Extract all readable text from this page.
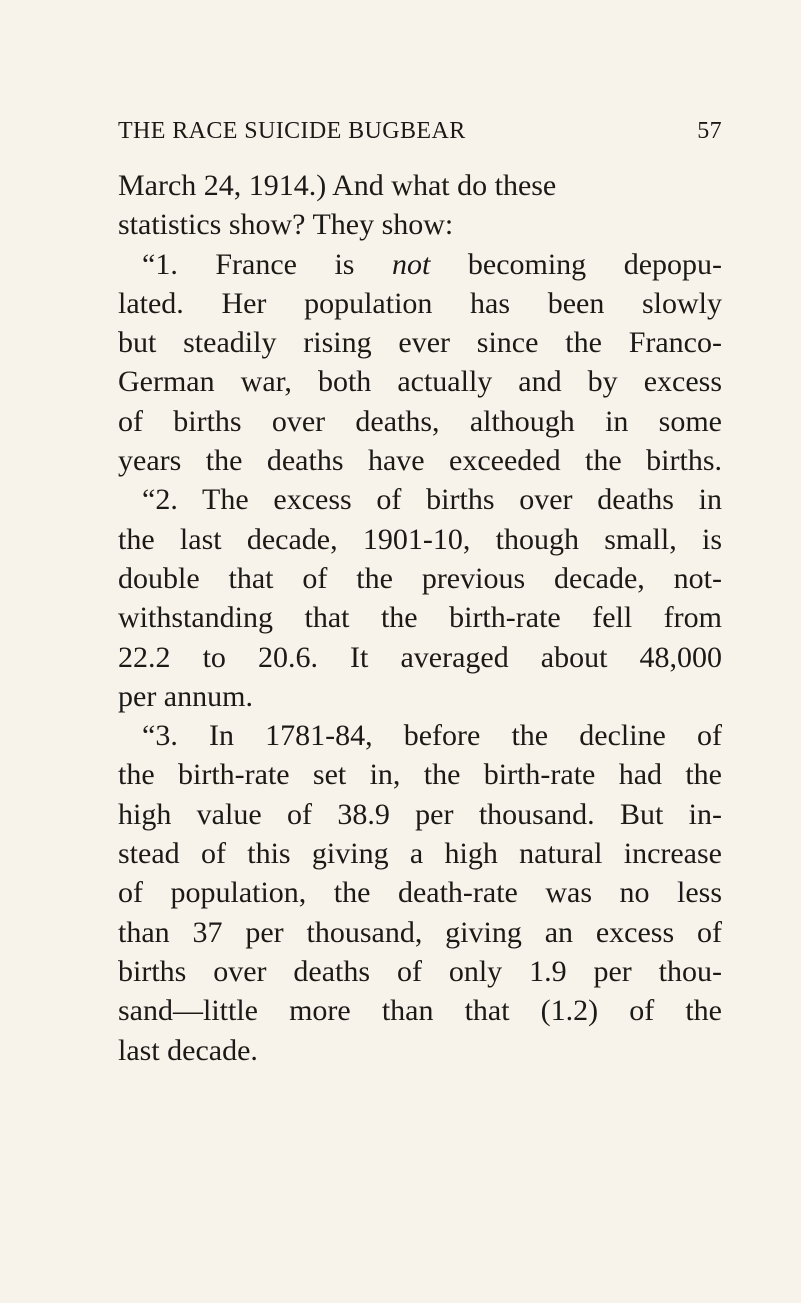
THE RACE SUICIDE BUGBEAR	57
March 24, 1914.) And what do these
statistics show? They show:
“1. France is not becoming depopu-
lated. Her population has been slowly
but steadily rising ever since the Franco-
German war, both actually and by excess
of births over deaths, although in some
years the deaths have exceeded the births.
“2. The excess of births over deaths in
the last decade, 1901-10, though small, is
double that of the previous decade, not-
withstanding that the birth-rate fell from
22.2 to 20.6. It averaged about 48,000
per annum.
“3. In 1781-84, before the decline of
the birth-rate set in, the birth-rate had the
high value of 38.9 per thousand. But in-
stead of this giving a high natural increase
of population, the death-rate was no less
than 37 per thousand, giving an excess of
births over deaths of only 1.9 per thou-
sand—little more than that (1.2) of the
last decade.
